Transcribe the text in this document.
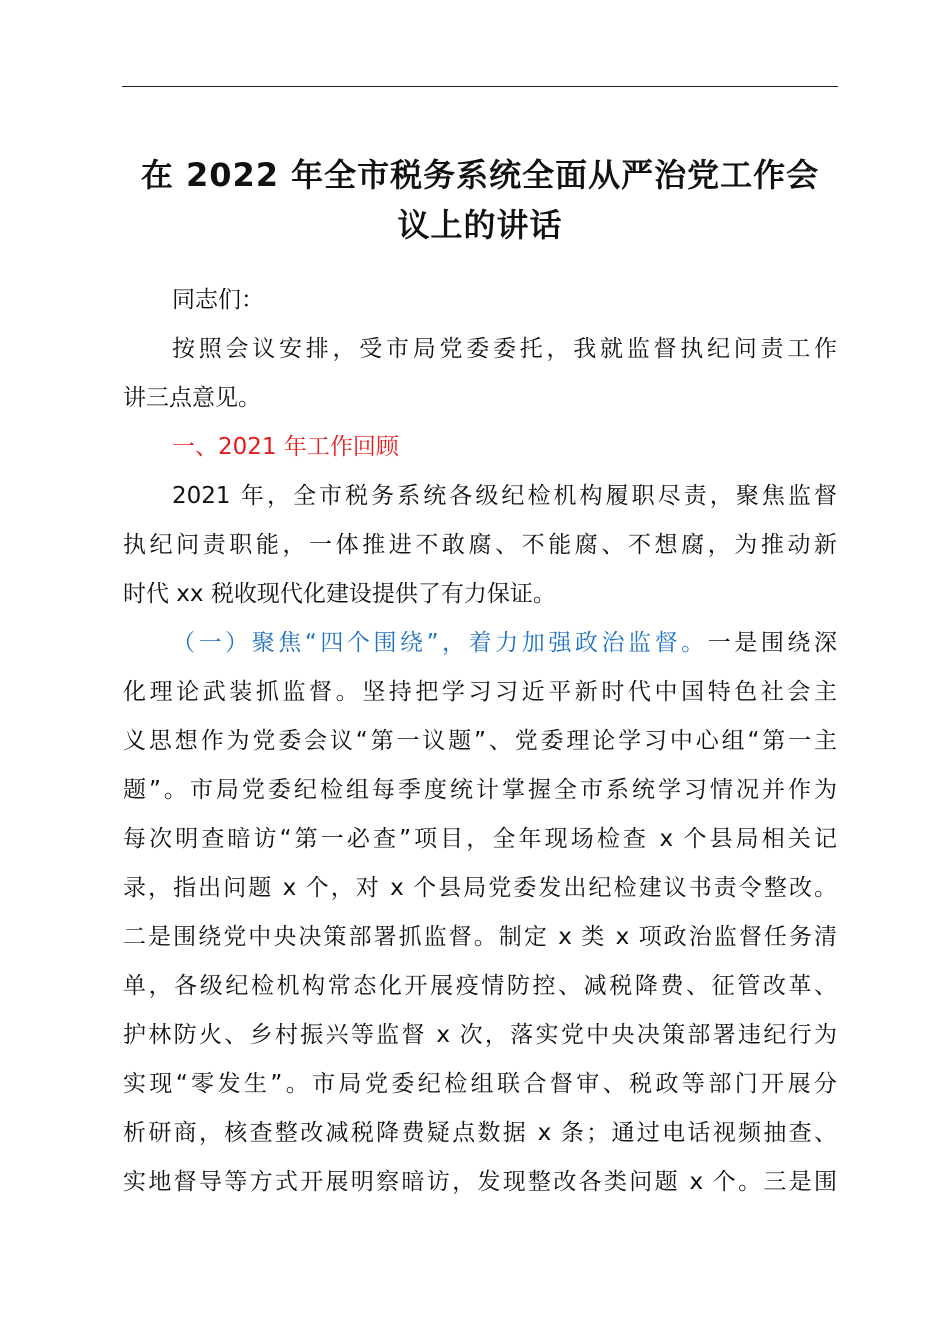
在 2022 年全市税务系统全面从严治党工作会
议上的讲话
同志们：
按照会议安排，受市局党委委托，我就监督执纪问责工作
讲三点意见。
一、2021 年工作回顾
2021 年，全市税务系统各级纪检机构履职尽责，聚焦监督
执纪问责职能，一体推进不敢腐、不能腐、不想腐，为推动新
时代 xx 税收现代化建设提供了有力保证。
（一）聚焦“四个围绕”，着力加强政治监督。一是围绕深
化理论武装抓监督。坚持把学习习近平新时代中国特色社会主
义思想作为党委会议“第一议题”、党委理论学习中心组“第一主
题”。市局党委纪检组每季度统计掌握全市系统学习情况并作为
每次明查暗访“第一必查”项目，全年现场检查 x 个县局相关记
录，指出问题 x 个，对 x 个县局党委发出纪检建议书责令整改。
二是围绕党中央决策部署抓监督。制定 x 类 x 项政治监督任务清
单，各级纪检机构常态化开展疫情防控、减税降费、征管改革、
护林防火、乡村振兴等监督 x 次，落实党中央决策部署违纪行为
实现“零发生”。市局党委纪检组联合督审、税政等部门开展分
析研商，核查整改减税降费疑点数据 x 条；通过电话视频抽查、
实地督导等方式开展明察暗访，发现整改各类问题 x 个。三是围
